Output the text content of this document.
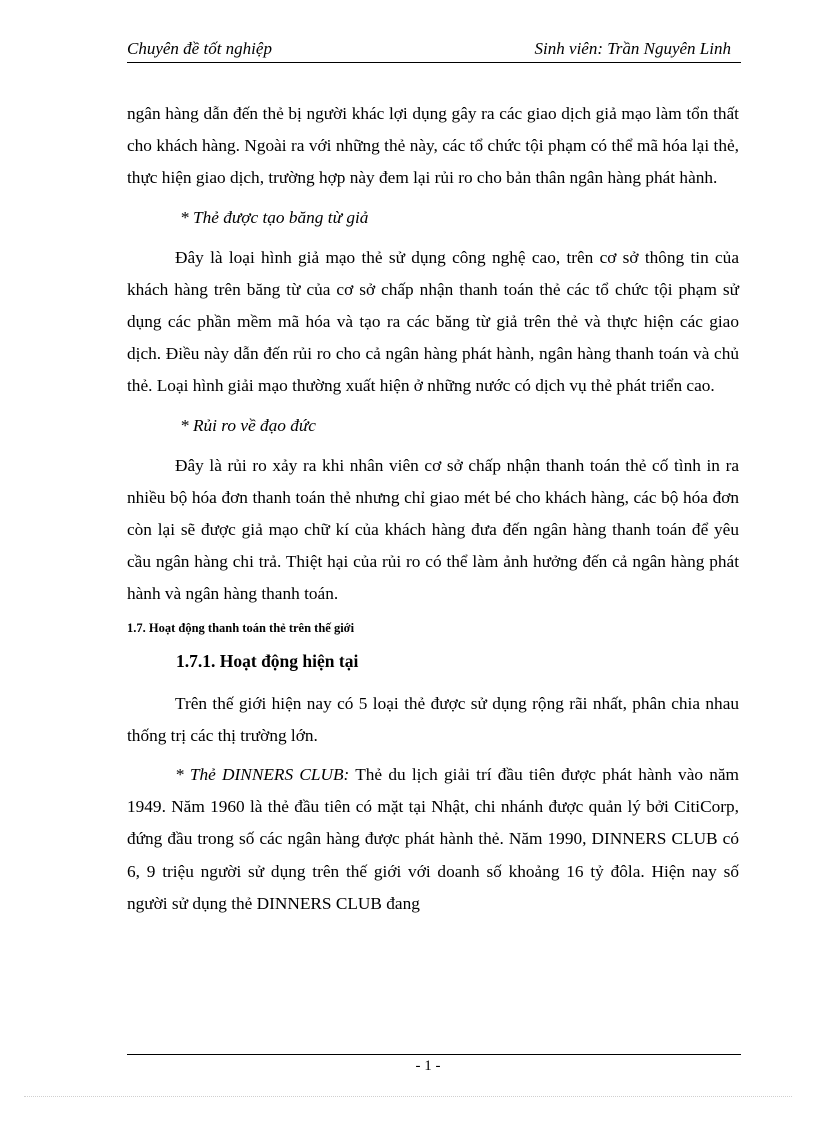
Chuyên đề tốt nghiệp	Sinh viên: Trần Nguyên Linh

ngân hàng dẫn đến thẻ bị người khác lợi dụng gây ra các giao dịch giả mạo làm tổn thất cho khách hàng. Ngoài ra với những thẻ này, các tổ chức tội phạm có thể mã hóa lại thẻ, thực hiện giao dịch, trường hợp này đem lại rủi ro cho bản thân ngân hàng phát hành.

* Thẻ được tạo băng từ giả

Đây là loại hình giả mạo thẻ sử dụng công nghệ cao, trên cơ sở thông tin của khách hàng trên băng từ của cơ sở chấp nhận thanh toán thẻ các tổ chức tội phạm sử dụng các phần mềm mã hóa và tạo ra các băng từ giả trên thẻ và thực hiện các giao dịch. Điều này dẫn đến rủi ro cho cả ngân hàng phát hành, ngân hàng thanh toán và chủ thẻ. Loại hình giải mạo thường xuất hiện ở những nước có dịch vụ thẻ phát triển cao.

* Rủi ro về đạo đức

Đây là rủi ro xảy ra khi nhân viên cơ sở chấp nhận thanh toán thẻ cố tình in ra nhiều bộ hóa đơn thanh toán thẻ nhưng chỉ giao mét bé cho khách hàng, các bộ hóa đơn còn lại sẽ được giả mạo chữ kí của khách hàng đưa đến ngân hàng thanh toán để yêu cầu ngân hàng chi trả. Thiệt hại của rủi ro có thể làm ảnh hưởng đến cả ngân hàng phát hành và ngân hàng thanh toán.

1.7. Hoạt động thanh toán thẻ trên thế giới

1.7.1. Hoạt động hiện tại

Trên thế giới hiện nay có 5 loại thẻ được sử dụng rộng rãi nhất, phân chia nhau thống trị các thị trường lớn.

* Thẻ DINNERS CLUB: Thẻ du lịch giải trí đầu tiên được phát hành vào năm 1949. Năm 1960 là thẻ đầu tiên có mặt tại Nhật, chi nhánh được quản lý bởi CitiCorp, đứng đầu trong số các ngân hàng được phát hành thẻ. Năm 1990, DINNERS CLUB có 6, 9 triệu người sử dụng trên thế giới với doanh số khoảng 16 tỷ đôla. Hiện nay số người sử dụng thẻ DINNERS CLUB đang

- 1 -
